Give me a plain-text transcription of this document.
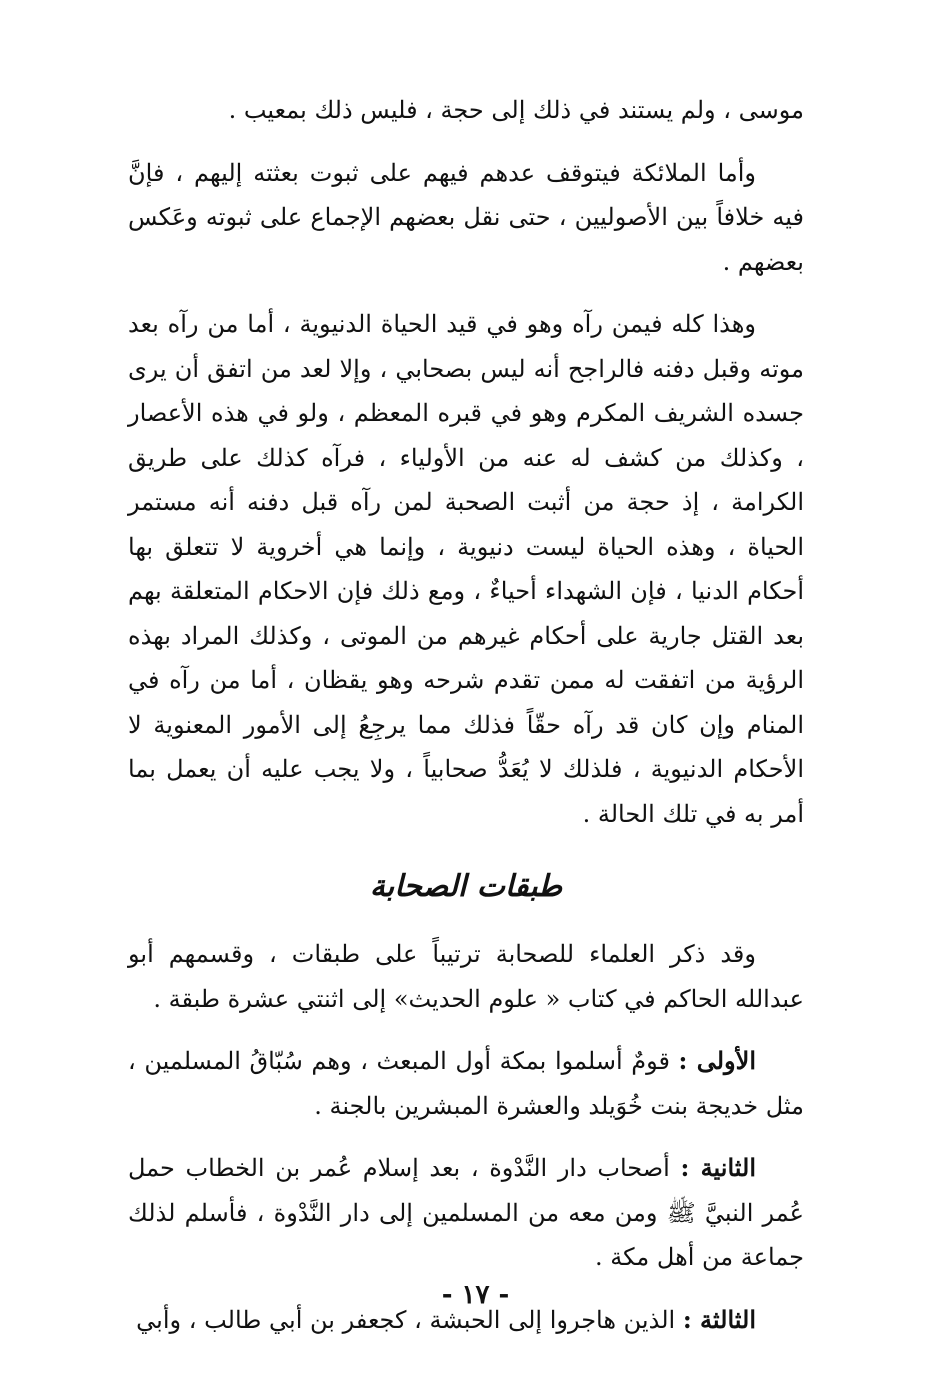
موسى ، ولم يستند في ذلك إلى حجة ، فليس ذلك بمعيب .

وأما الملائكة فيتوقف عدهم فيهم على ثبوت بعثته إليهم ، فإنَّ فيه خلافاً بين الأصوليين ، حتى نقل بعضهم الإجماع على ثبوته وعَكس بعضهم .

وهذا كله فيمن رآه وهو في قيد الحياة الدنيوية ، أما من رآه بعد موته وقبل دفنه فالراجح أنه ليس بصحابي ، وإلا لعد من اتفق أن يرى جسده الشريف المكرم وهو في قبره المعظم ، ولو في هذه الأعصار ، وكذلك من كشف له عنه من الأولياء ، فرآه كذلك على طريق الكرامة ، إذ حجة من أثبت الصحبة لمن رآه قبل دفنه أنه مستمر الحياة ، وهذه الحياة ليست دنيوية ، وإنما هي أخروية لا تتعلق بها أحكام الدنيا ، فإن الشهداء أحياءٌ ، ومع ذلك فإن الاحكام المتعلقة بهم بعد القتل جارية على أحكام غيرهم من الموتى ، وكذلك المراد بهذه الرؤية من اتفقت له ممن تقدم شرحه وهو يقظان ، أما من رآه في المنام وإن كان قد رآه حقّاً فذلك مما يرجِعُ إلى الأمور المعنوية لا الأحكام الدنيوية ، فلذلك لا يُعَدُّ صحابياً ، ولا يجب عليه أن يعمل بما أمر به في تلك الحالة .

طبقات الصحابة

وقد ذكر العلماء للصحابة ترتيباً على طبقات ، وقسمهم أبو عبدالله الحاكم في كتاب « علوم الحديث» إلى اثنتي عشرة طبقة .

الأولى : قومٌ أسلموا بمكة أول المبعث ، وهم سُبّاقُ المسلمين ، مثل خديجة بنت خُوَيلد والعشرة المبشرين بالجنة .

الثانية : أصحاب دار النَّدْوة ، بعد إسلام عُمر بن الخطاب حمل عُمر النبيَّ ﷺ ومن معه من المسلمين إلى دار النَّدْوة ، فأسلم لذلك جماعة من أهل مكة .

الثالثة : الذين هاجروا إلى الحبشة ، كجعفر بن أبي طالب ، وأبي

- ١٧ -
